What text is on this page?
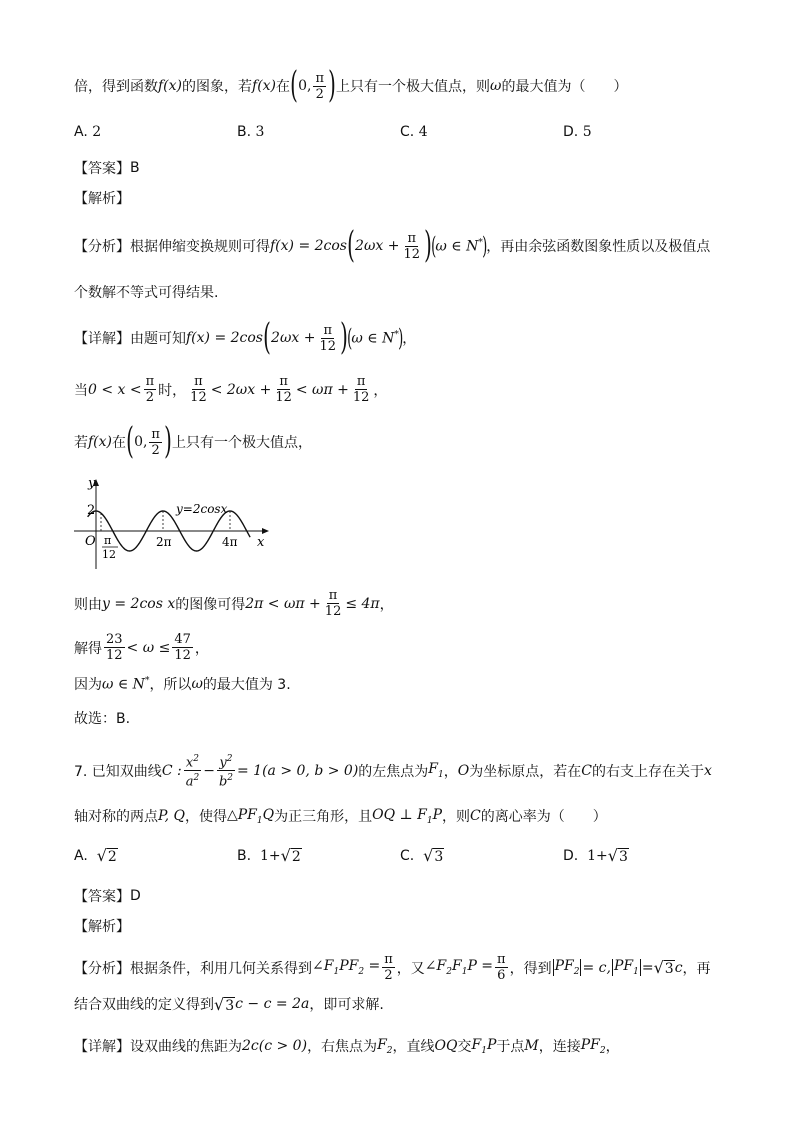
倍，得到函数 f(x) 的图象，若 f(x) 在 ( 0, $\frac{\pi}{2}$ ) 上只有一个极大值点，则 ω 的最大值为（　　）
A.
2	B.
3	C.
4	D.
5
【答案】 B
【解析】
【分析】 根据伸缩变换规则可得 f(x) = 2cos ( $2\omega x + \frac{\pi}{12}$ ) ( ω ∈ N* ) ，再由余弦函数图象性质以及极值点
个数解不等式可得结果.
【详解】 由题可知 f(x) = 2cos ( $2\omega x + \frac{\pi}{12}$ ) ( ω ∈ N* ) ，
当 $0 < x < \frac{\pi}{2}$ 时， $\frac{\pi}{12} < 2\omega x + \frac{\pi}{12} < \omega\pi + \frac{\pi}{12}$ ，
若 f(x) 在 ( 0, $\frac{\pi}{2}$ ) 上只有一个极大值点，
y
x
O
2	y=2cosx
π
12
2π	4π
则由 y = 2cos x 的图像可得 $2\pi < \omega\pi + \frac{\pi}{12} \le 4\pi$ ，
解得 $\frac{23}{12} < \omega \le \frac{47}{12}$ ，
因为 ω ∈ N* ，所以 ω 的最大值为 3.
故选：B.
7. 已知双曲线 C : $\frac{x^2}{a^2} - \frac{y^2}{b^2} = 1(a > 0$, b > 0) 的左焦点为 $F_1$ ， O 为坐标原点，若在 C 的右支上存在关于 x
轴对称的两点 P, Q ，使得 $\triangle PF_1Q$ 为正三角形，且 OQ ⊥ $F_1P$ ，则 C 的离心率为（　　）
A.
√ 2	B.
1+ √ 2	C.
√ 3	D.
1+ √ 3
【答案】 D
【解析】
【分析】 根据条件，利用几何关系得到 $\angle F_1PF_2 = \frac{\pi}{2}$ ，又 $\angle F_2F_1P = \frac{\pi}{6}$ ，得到 $PF_2 = c$, $PF_1$ = √ 3 c ，再
结合双曲线的定义得到 √ 3 c − c = 2a ，即可求解.
【详解】 设双曲线的焦距为 2c(c > 0) ，右焦点为 $F_2$ ，直线 OQ 交 $F_1P$ 于点 M ，连接 $PF_2$ ，
